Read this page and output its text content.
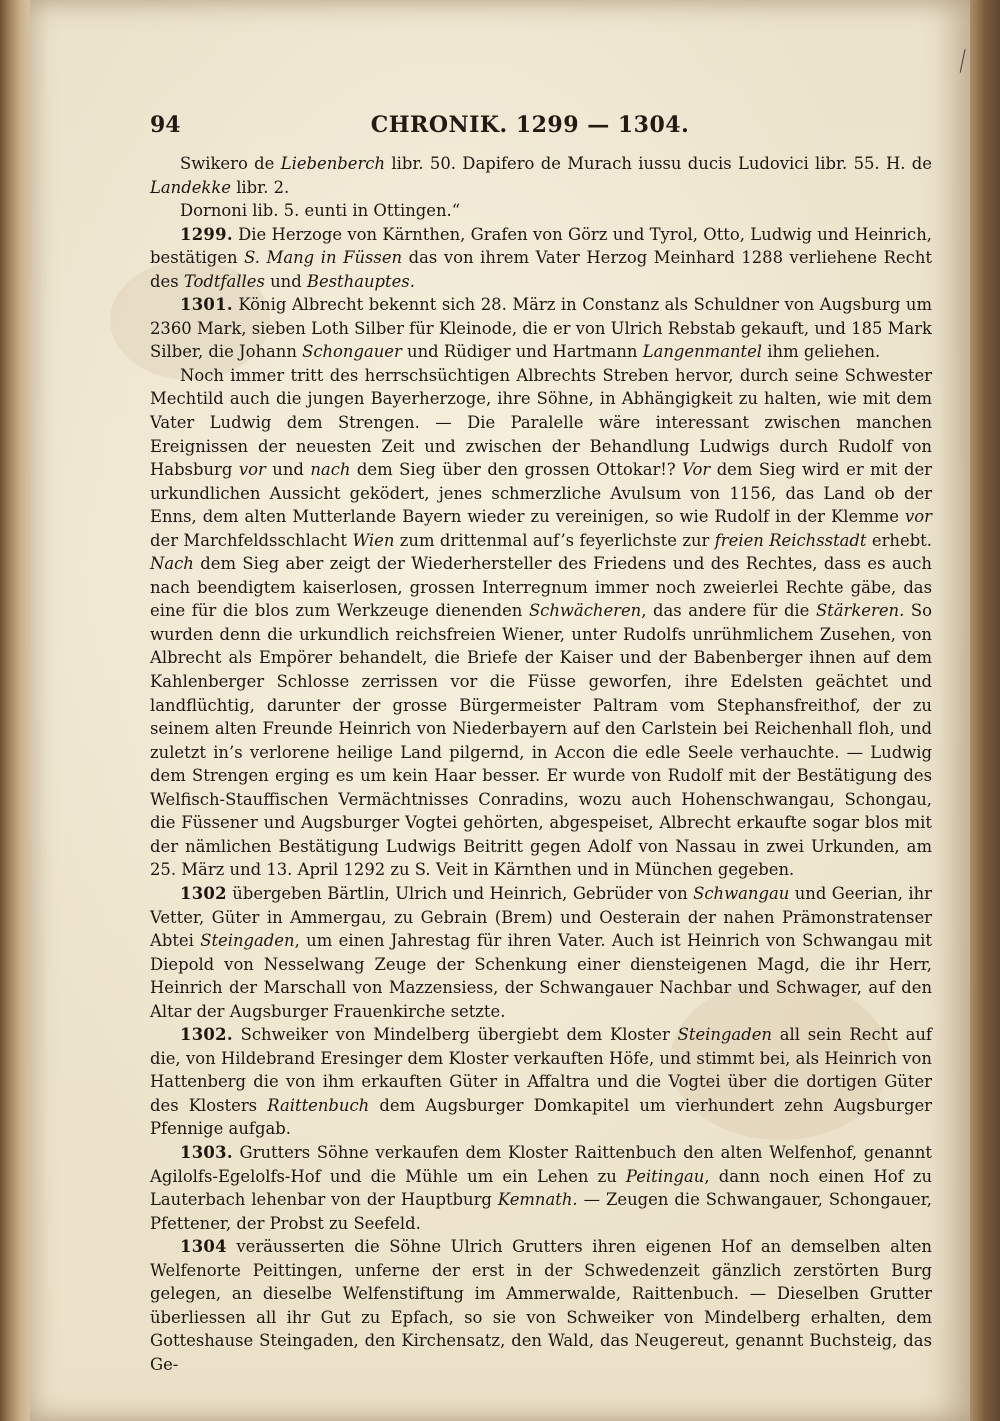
94	CHRONIK. 1299 — 1304.

Swikero de Liebenberch libr. 50. Dapifero de Murach iussu ducis Ludovici libr. 55. H. de Landekke libr. 2.

Dornoni lib. 5. eunti in Ottingen.“

1299. Die Herzoge von Kärnthen, Grafen von Görz und Tyrol, Otto, Ludwig und Heinrich, bestätigen S. Mang in Füssen das von ihrem Vater Herzog Meinhard 1288 verliehene Recht des Todtfalles und Besthauptes.

1301. König Albrecht bekennt sich 28. März in Constanz als Schuldner von Augsburg um 2360 Mark, sieben Loth Silber für Kleinode, die er von Ulrich Rebstab gekauft, und 185 Mark Silber, die Johann Schongauer und Rüdiger und Hartmann Langenmantel ihm geliehen.

Noch immer tritt des herrschsüchtigen Albrechts Streben hervor, durch seine Schwester Mechtild auch die jungen Bayerherzoge, ihre Söhne, in Abhängigkeit zu halten, wie mit dem Vater Ludwig dem Strengen. — Die Paralelle wäre interessant zwischen manchen Ereignissen der neuesten Zeit und zwischen der Behandlung Ludwigs durch Rudolf von Habsburg vor und nach dem Sieg über den grossen Ottokar!? Vor dem Sieg wird er mit der urkundlichen Aussicht geködert, jenes schmerzliche Avulsum von 1156, das Land ob der Enns, dem alten Mutterlande Bayern wieder zu vereinigen, so wie Rudolf in der Klemme vor der Marchfeldsschlacht Wien zum drittenmal auf’s feyerlichste zur freien Reichsstadt erhebt. Nach dem Sieg aber zeigt der Wiederhersteller des Friedens und des Rechtes, dass es auch nach beendigtem kaiserlosen, grossen Interregnum immer noch zweierlei Rechte gäbe, das eine für die blos zum Werkzeuge dienenden Schwächeren, das andere für die Stärkeren. So wurden denn die urkundlich reichsfreien Wiener, unter Rudolfs unrühmlichem Zusehen, von Albrecht als Empörer behandelt, die Briefe der Kaiser und der Babenberger ihnen auf dem Kahlenberger Schlosse zerrissen vor die Füsse geworfen, ihre Edelsten geächtet und landflüchtig, darunter der grosse Bürgermeister Paltram vom Stephansfreithof, der zu seinem alten Freunde Heinrich von Niederbayern auf den Carlstein bei Reichenhall floh, und zuletzt in’s verlorene heilige Land pilgernd, in Accon die edle Seele verhauchte. — Ludwig dem Strengen erging es um kein Haar besser. Er wurde von Rudolf mit der Bestätigung des Welfisch-Stauffischen Vermächtnisses Conradins, wozu auch Hohenschwangau, Schongau, die Füssener und Augsburger Vogtei gehörten, abgespeiset, Albrecht erkaufte sogar blos mit der nämlichen Bestätigung Ludwigs Beitritt gegen Adolf von Nassau in zwei Urkunden, am 25. März und 13. April 1292 zu S. Veit in Kärnthen und in München gegeben.

1302 übergeben Bärtlin, Ulrich und Heinrich, Gebrüder von Schwangau und Geerian, ihr Vetter, Güter in Ammergau, zu Gebrain (Brem) und Oesterain der nahen Prämonstratenser Abtei Steingaden, um einen Jahrestag für ihren Vater. Auch ist Heinrich von Schwangau mit Diepold von Nesselwang Zeuge der Schenkung einer diensteigenen Magd, die ihr Herr, Heinrich der Marschall von Mazzensiess, der Schwangauer Nachbar und Schwager, auf den Altar der Augsburger Frauenkirche setzte.

1302. Schweiker von Mindelberg übergiebt dem Kloster Steingaden all sein Recht auf die, von Hildebrand Eresinger dem Kloster verkauften Höfe, und stimmt bei, als Heinrich von Hattenberg die von ihm erkauften Güter in Affaltra und die Vogtei über die dortigen Güter des Klosters Raittenbuch dem Augsburger Domkapitel um vierhundert zehn Augsburger Pfennige aufgab.

1303. Grutters Söhne verkaufen dem Kloster Raittenbuch den alten Welfenhof, genannt Agilolfs-Egelolfs-Hof und die Mühle um ein Lehen zu Peitingau, dann noch einen Hof zu Lauterbach lehenbar von der Hauptburg Kemnath. — Zeugen die Schwangauer, Schongauer, Pfettener, der Probst zu Seefeld.

1304 veräusserten die Söhne Ulrich Grutters ihren eigenen Hof an demselben alten Welfenorte Peittingen, unferne der erst in der Schwedenzeit gänzlich zerstörten Burg gelegen, an dieselbe Welfenstiftung im Ammerwalde, Raittenbuch. — Dieselben Grutter überliessen all ihr Gut zu Epfach, so sie von Schweiker von Mindelberg erhalten, dem Gotteshause Steingaden, den Kirchensatz, den Wald, das Neugereut, genannt Buchsteig, das Ge-
